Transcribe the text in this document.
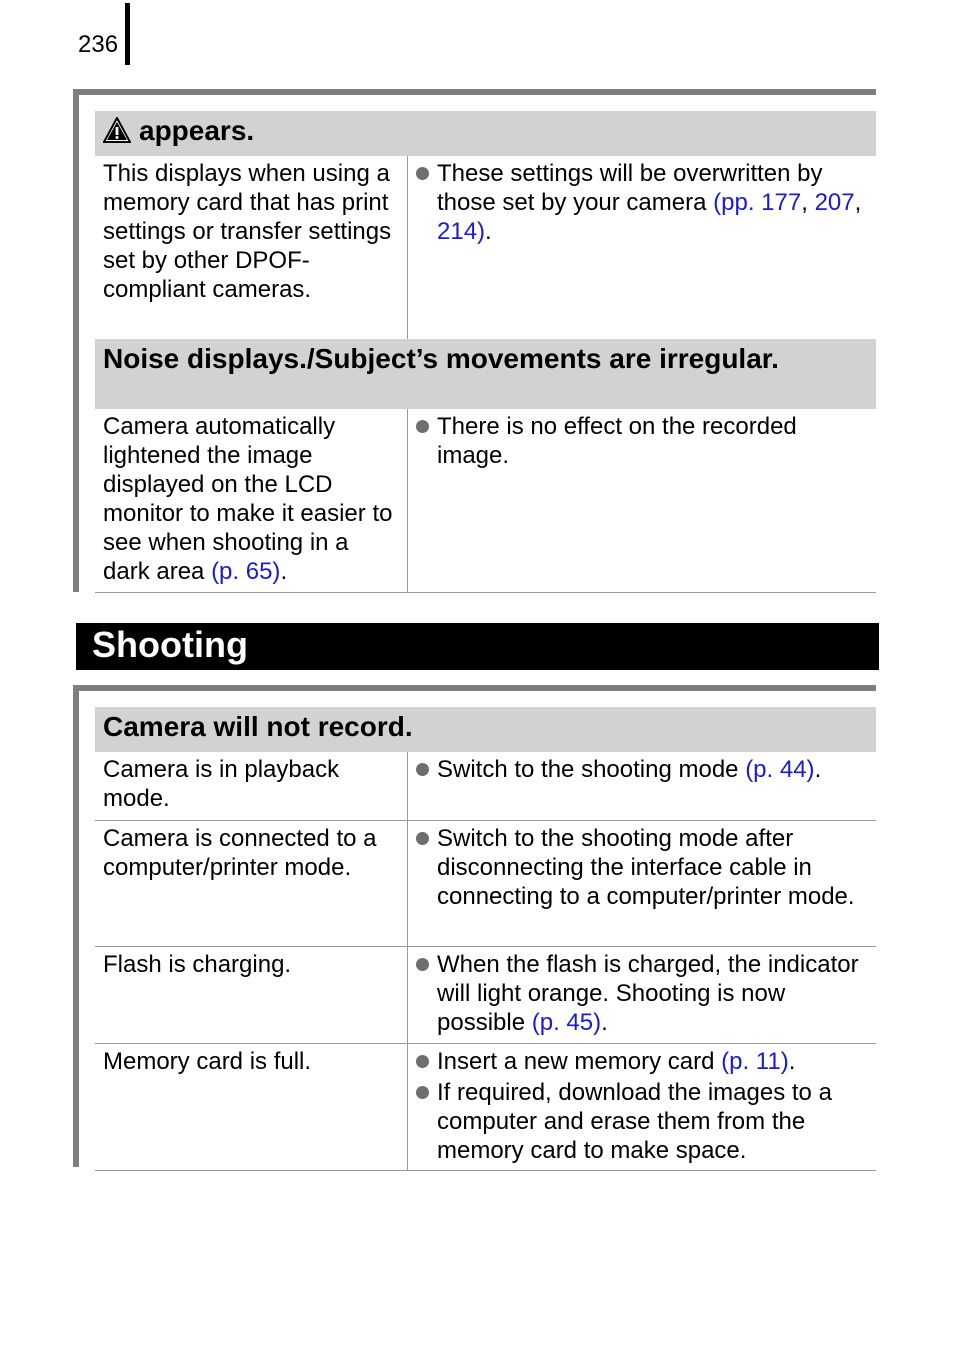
236
appears.
This displays when using a memory card that has print settings or transfer settings set by other DPOF-compliant cameras.
These settings will be overwritten by those set by your camera (pp. 177, 207, 214).
Noise displays./Subject’s movements are irregular.
Camera automatically lightened the image displayed on the LCD monitor to make it easier to see when shooting in a dark area (p. 65).
There is no effect on the recorded image.
Shooting
Camera will not record.
Camera is in playback mode.
Switch to the shooting mode (p. 44).
Camera is connected to a computer/printer mode.
Switch to the shooting mode after disconnecting the interface cable in connecting to a computer/printer mode.
Flash is charging.	When the flash is charged, the indicator will light orange. Shooting is now possible (p. 45).
Memory card is full.	Insert a new memory card (p. 11).
If required, download the images to a computer and erase them from the memory card to make space.
